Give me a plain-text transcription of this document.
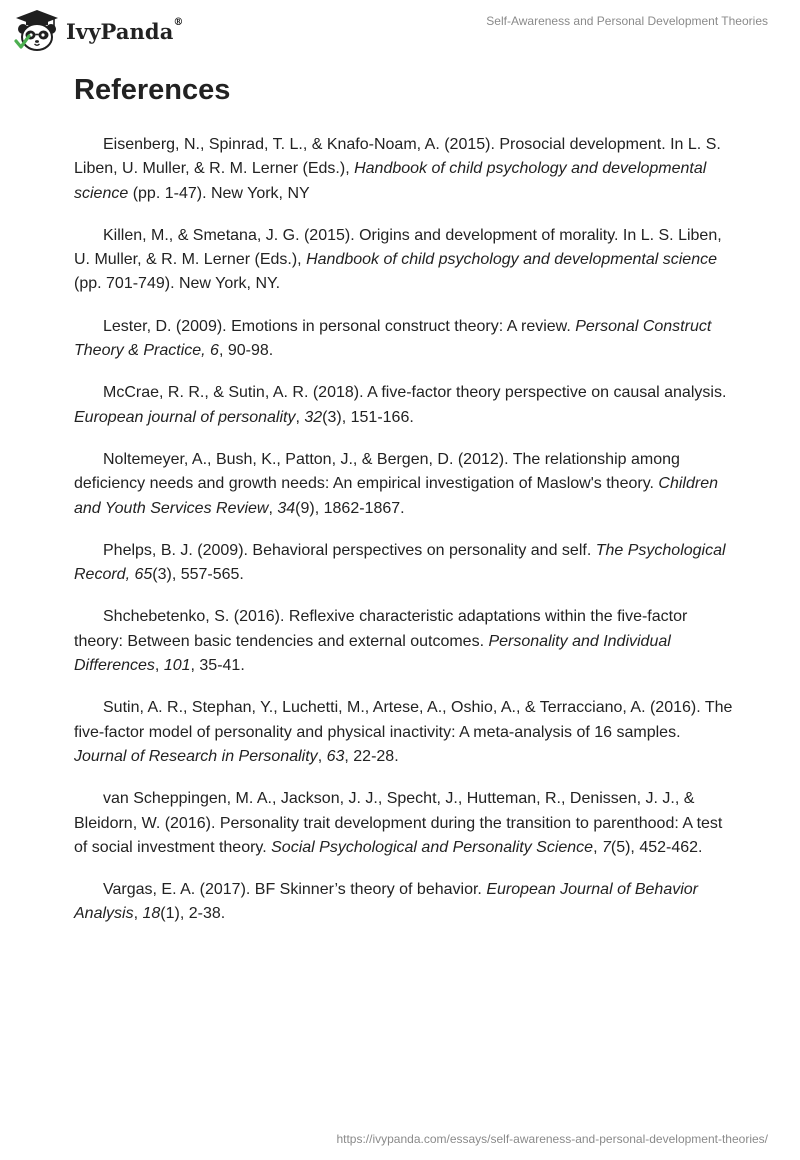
IvyPanda®	Self-Awareness and Personal Development Theories
References

Eisenberg, N., Spinrad, T. L., & Knafo-Noam, A. (2015). Prosocial development. In L. S. Liben, U. Muller, & R. M. Lerner (Eds.), Handbook of child psychology and developmental science (pp. 1-47). New York, NY

Killen, M., & Smetana, J. G. (2015). Origins and development of morality. In L. S. Liben, U. Muller, & R. M. Lerner (Eds.), Handbook of child psychology and developmental science (pp. 701-749). New York, NY.

Lester, D. (2009). Emotions in personal construct theory: A review. Personal Construct Theory & Practice, 6, 90-98.

McCrae, R. R., & Sutin, A. R. (2018). A five-factor theory perspective on causal analysis. European journal of personality, 32(3), 151-166.

Noltemeyer, A., Bush, K., Patton, J., & Bergen, D. (2012). The relationship among deficiency needs and growth needs: An empirical investigation of Maslow's theory. Children and Youth Services Review, 34(9), 1862-1867.

Phelps, B. J. (2009). Behavioral perspectives on personality and self. The Psychological Record, 65(3), 557-565.

Shchebetenko, S. (2016). Reflexive characteristic adaptations within the five-factor theory: Between basic tendencies and external outcomes. Personality and Individual Differences, 101, 35-41.

Sutin, A. R., Stephan, Y., Luchetti, M., Artese, A., Oshio, A., & Terracciano, A. (2016). The five-factor model of personality and physical inactivity: A meta-analysis of 16 samples. Journal of Research in Personality, 63, 22-28.

van Scheppingen, M. A., Jackson, J. J., Specht, J., Hutteman, R., Denissen, J. J., & Bleidorn, W. (2016). Personality trait development during the transition to parenthood: A test of social investment theory. Social Psychological and Personality Science, 7(5), 452-462.

Vargas, E. A. (2017). BF Skinner’s theory of behavior. European Journal of Behavior Analysis, 18(1), 2-38.

https://ivypanda.com/essays/self-awareness-and-personal-development-theories/
